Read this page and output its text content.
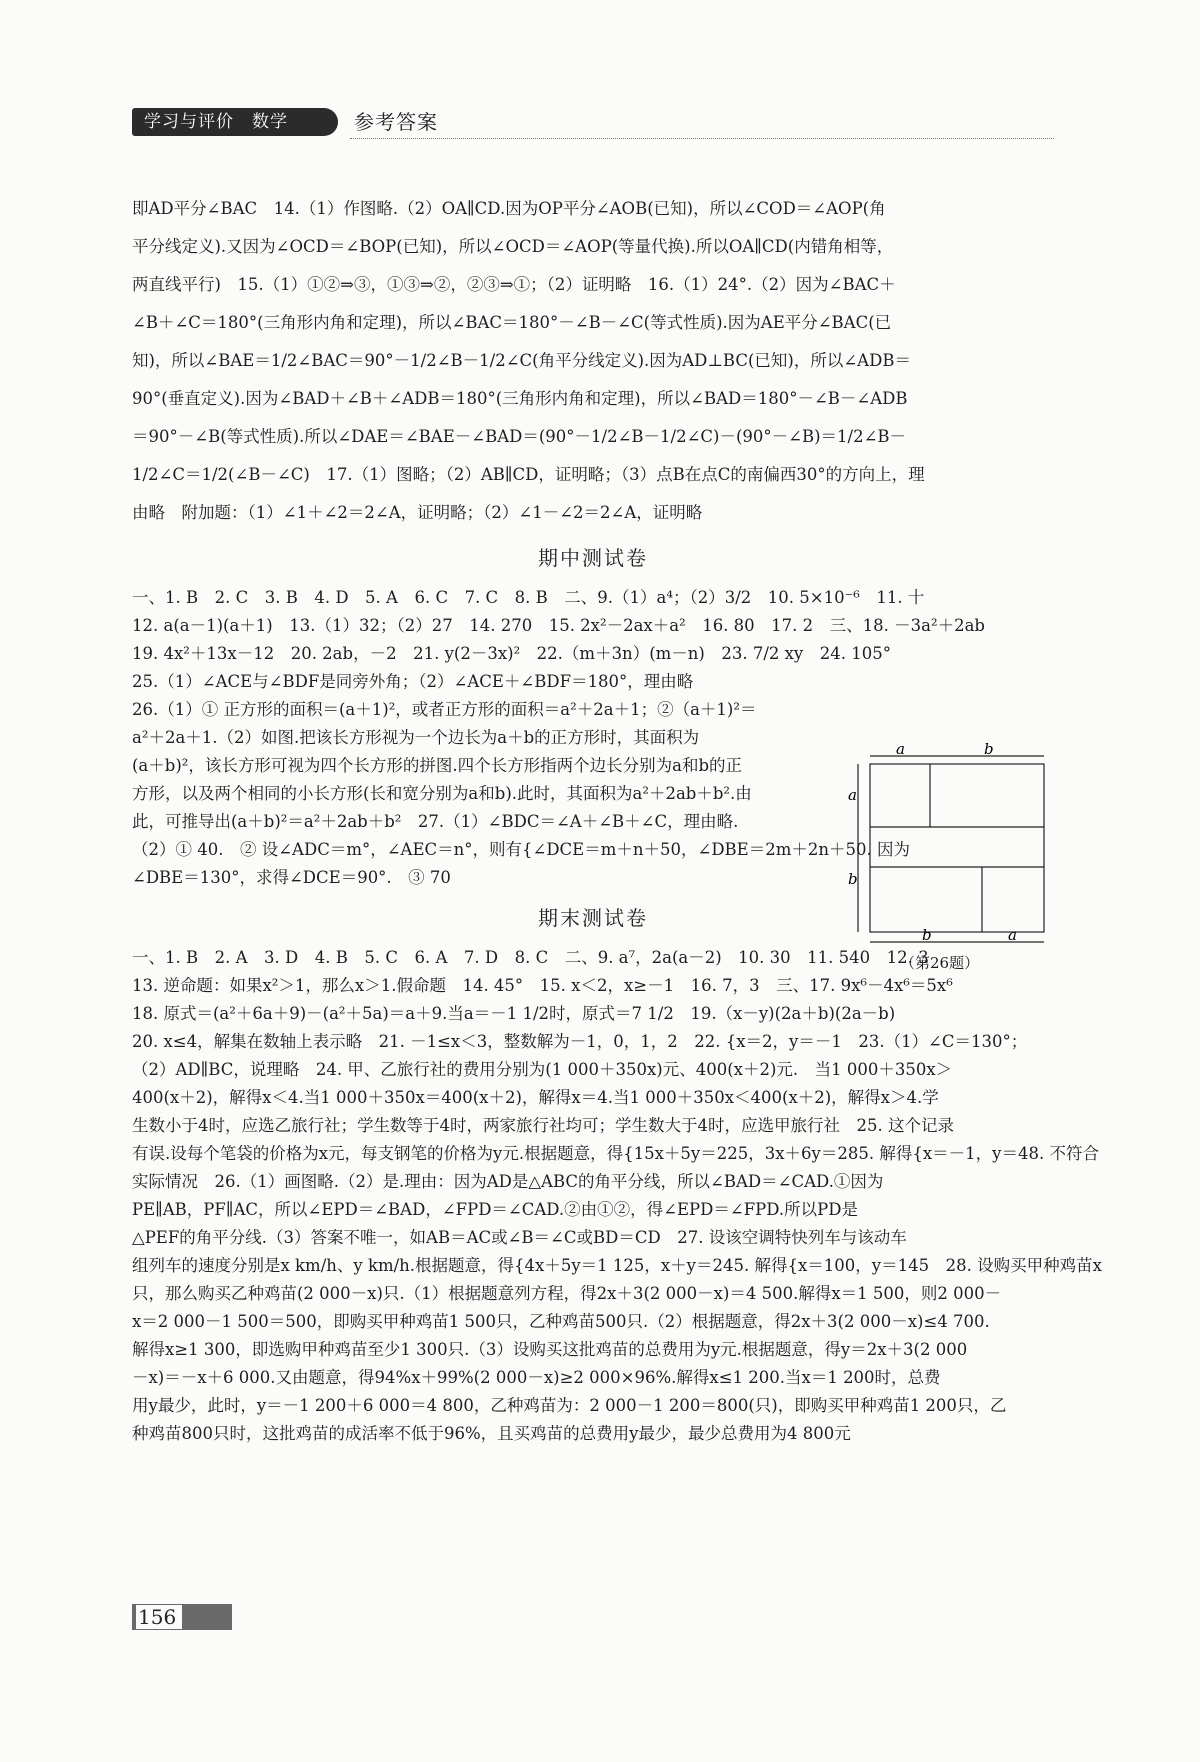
学习与评价 数学	参考答案
即AD平分∠BAC　14.（1）作图略.（2）OA∥CD.因为OP平分∠AOB(已知)，所以∠COD＝∠AOP(角
平分线定义).又因为∠OCD＝∠BOP(已知)，所以∠OCD＝∠AOP(等量代换).所以OA∥CD(内错角相等，
两直线平行)　15.（1）①②⇒③，①③⇒②，②③⇒①；（2）证明略　16.（1）24°.（2）因为∠BAC＋
∠B＋∠C＝180°(三角形内角和定理)，所以∠BAC＝180°－∠B－∠C(等式性质).因为AE平分∠BAC(已
知)，所以∠BAE＝1/2∠BAC＝90°－1/2∠B－1/2∠C(角平分线定义).因为AD⊥BC(已知)，所以∠ADB＝
90°(垂直定义).因为∠BAD＋∠B＋∠ADB＝180°(三角形内角和定理)，所以∠BAD＝180°－∠B－∠ADB
＝90°－∠B(等式性质).所以∠DAE＝∠BAE－∠BAD＝(90°－1/2∠B－1/2∠C)－(90°－∠B)＝1/2∠B－
1/2∠C＝1/2(∠B－∠C)　17.（1）图略；（2）AB∥CD，证明略；（3）点B在点C的南偏西30°的方向上，理
由略　附加题：（1）∠1＋∠2＝2∠A，证明略；（2）∠1－∠2＝2∠A，证明略
期中测试卷
一、1. B　2. C　3. B　4. D　5. A　6. C　7. C　8. B　二、9.（1）a⁴；（2）3/2　10. 5×10⁻⁶　11. 十
12. a(a－1)(a＋1)　13.（1）32；（2）27　14. 270　15. 2x²－2ax＋a²　16. 80　17. 2　三、18. －3a²＋2ab
19. 4x²＋13x－12　20. 2ab，－2　21. y(2－3x)²　22.（m＋3n）(m－n)　23. 7/2 xy　24. 105°
25.（1）∠ACE与∠BDF是同旁外角；（2）∠ACE＋∠BDF＝180°，理由略
26.（1）① 正方形的面积＝(a＋1)²，或者正方形的面积＝a²＋2a＋1；②（a＋1)²＝
a²＋2a＋1.（2）如图.把该长方形视为一个边长为a＋b的正方形时，其面积为
(a＋b)²，该长方形可视为四个长方形的拼图.四个长方形指两个边长分别为a和b的正
方形，以及两个相同的小长方形(长和宽分别为a和b).此时，其面积为a²＋2ab＋b².由
此，可推导出(a＋b)²＝a²＋2ab＋b²　27.（1）∠BDC＝∠A＋∠B＋∠C，理由略.
（2）① 40.　② 设∠ADC＝m°，∠AEC＝n°，则有{∠DCE＝m＋n＋50，∠DBE＝2m＋2n＋50. 因为
∠DBE＝130°，求得∠DCE＝90°.　③ 70
期末测试卷
一、1. B　2. A　3. D　4. B　5. C　6. A　7. D　8. C　二、9. a⁷，2a(a－2)　10. 30　11. 540　12. 3
13. 逆命题：如果x²＞1，那么x＞1.假命题　14. 45°　15. x＜2，x≥－1　16. 7，3　三、17. 9x⁶－4x⁶＝5x⁶
18. 原式＝(a²＋6a＋9)－(a²＋5a)＝a＋9.当a＝－1 1/2时，原式＝7 1/2　19.（x－y)(2a＋b)(2a－b)
20. x≤4，解集在数轴上表示略　21. －1≤x＜3，整数解为－1，0，1，2　22. {x＝2，y＝－1　23.（1）∠C＝130°；
（2）AD∥BC，说理略　24. 甲、乙旅行社的费用分别为(1 000＋350x)元、400(x＋2)元.　当1 000＋350x＞
400(x＋2)，解得x＜4.当1 000＋350x＝400(x＋2)，解得x＝4.当1 000＋350x＜400(x＋2)，解得x＞4.学
生数小于4时，应选乙旅行社；学生数等于4时，两家旅行社均可；学生数大于4时，应选甲旅行社　25. 这个记录
有误.设每个笔袋的价格为x元，每支钢笔的价格为y元.根据题意，得{15x＋5y＝225，3x＋6y＝285. 解得{x＝－1，y＝48. 不符合
实际情况　26.（1）画图略.（2）是.理由：因为AD是△ABC的角平分线，所以∠BAD＝∠CAD.①因为
PE∥AB，PF∥AC，所以∠EPD＝∠BAD，∠FPD＝∠CAD.②由①②，得∠EPD＝∠FPD.所以PD是
△PEF的角平分线.（3）答案不唯一，如AB＝AC或∠B＝∠C或BD＝CD　27. 设该空调特快列车与该动车
组列车的速度分别是x km/h、y km/h.根据题意，得{4x＋5y＝1 125，x＋y＝245. 解得{x＝100，y＝145　28. 设购买甲种鸡苗x
只，那么购买乙种鸡苗(2 000－x)只.（1）根据题意列方程，得2x＋3(2 000－x)＝4 500.解得x＝1 500，则2 000－
x＝2 000－1 500＝500，即购买甲种鸡苗1 500只，乙种鸡苗500只.（2）根据题意，得2x＋3(2 000－x)≤4 700.
解得x≥1 300，即选购甲种鸡苗至少1 300只.（3）设购买这批鸡苗的总费用为y元.根据题意，得y＝2x＋3(2 000
－x)＝－x＋6 000.又由题意，得94%x＋99%(2 000－x)≥2 000×96%.解得x≤1 200.当x＝1 200时，总费
用y最少，此时，y＝－1 200＋6 000＝4 800，乙种鸡苗为：2 000－1 200＝800(只)，即购买甲种鸡苗1 200只，乙
种鸡苗800只时，这批鸡苗的成活率不低于96%，且买鸡苗的总费用y最少，最少总费用为4 800元
a	b
a
b
b	a
（第26题）
156
